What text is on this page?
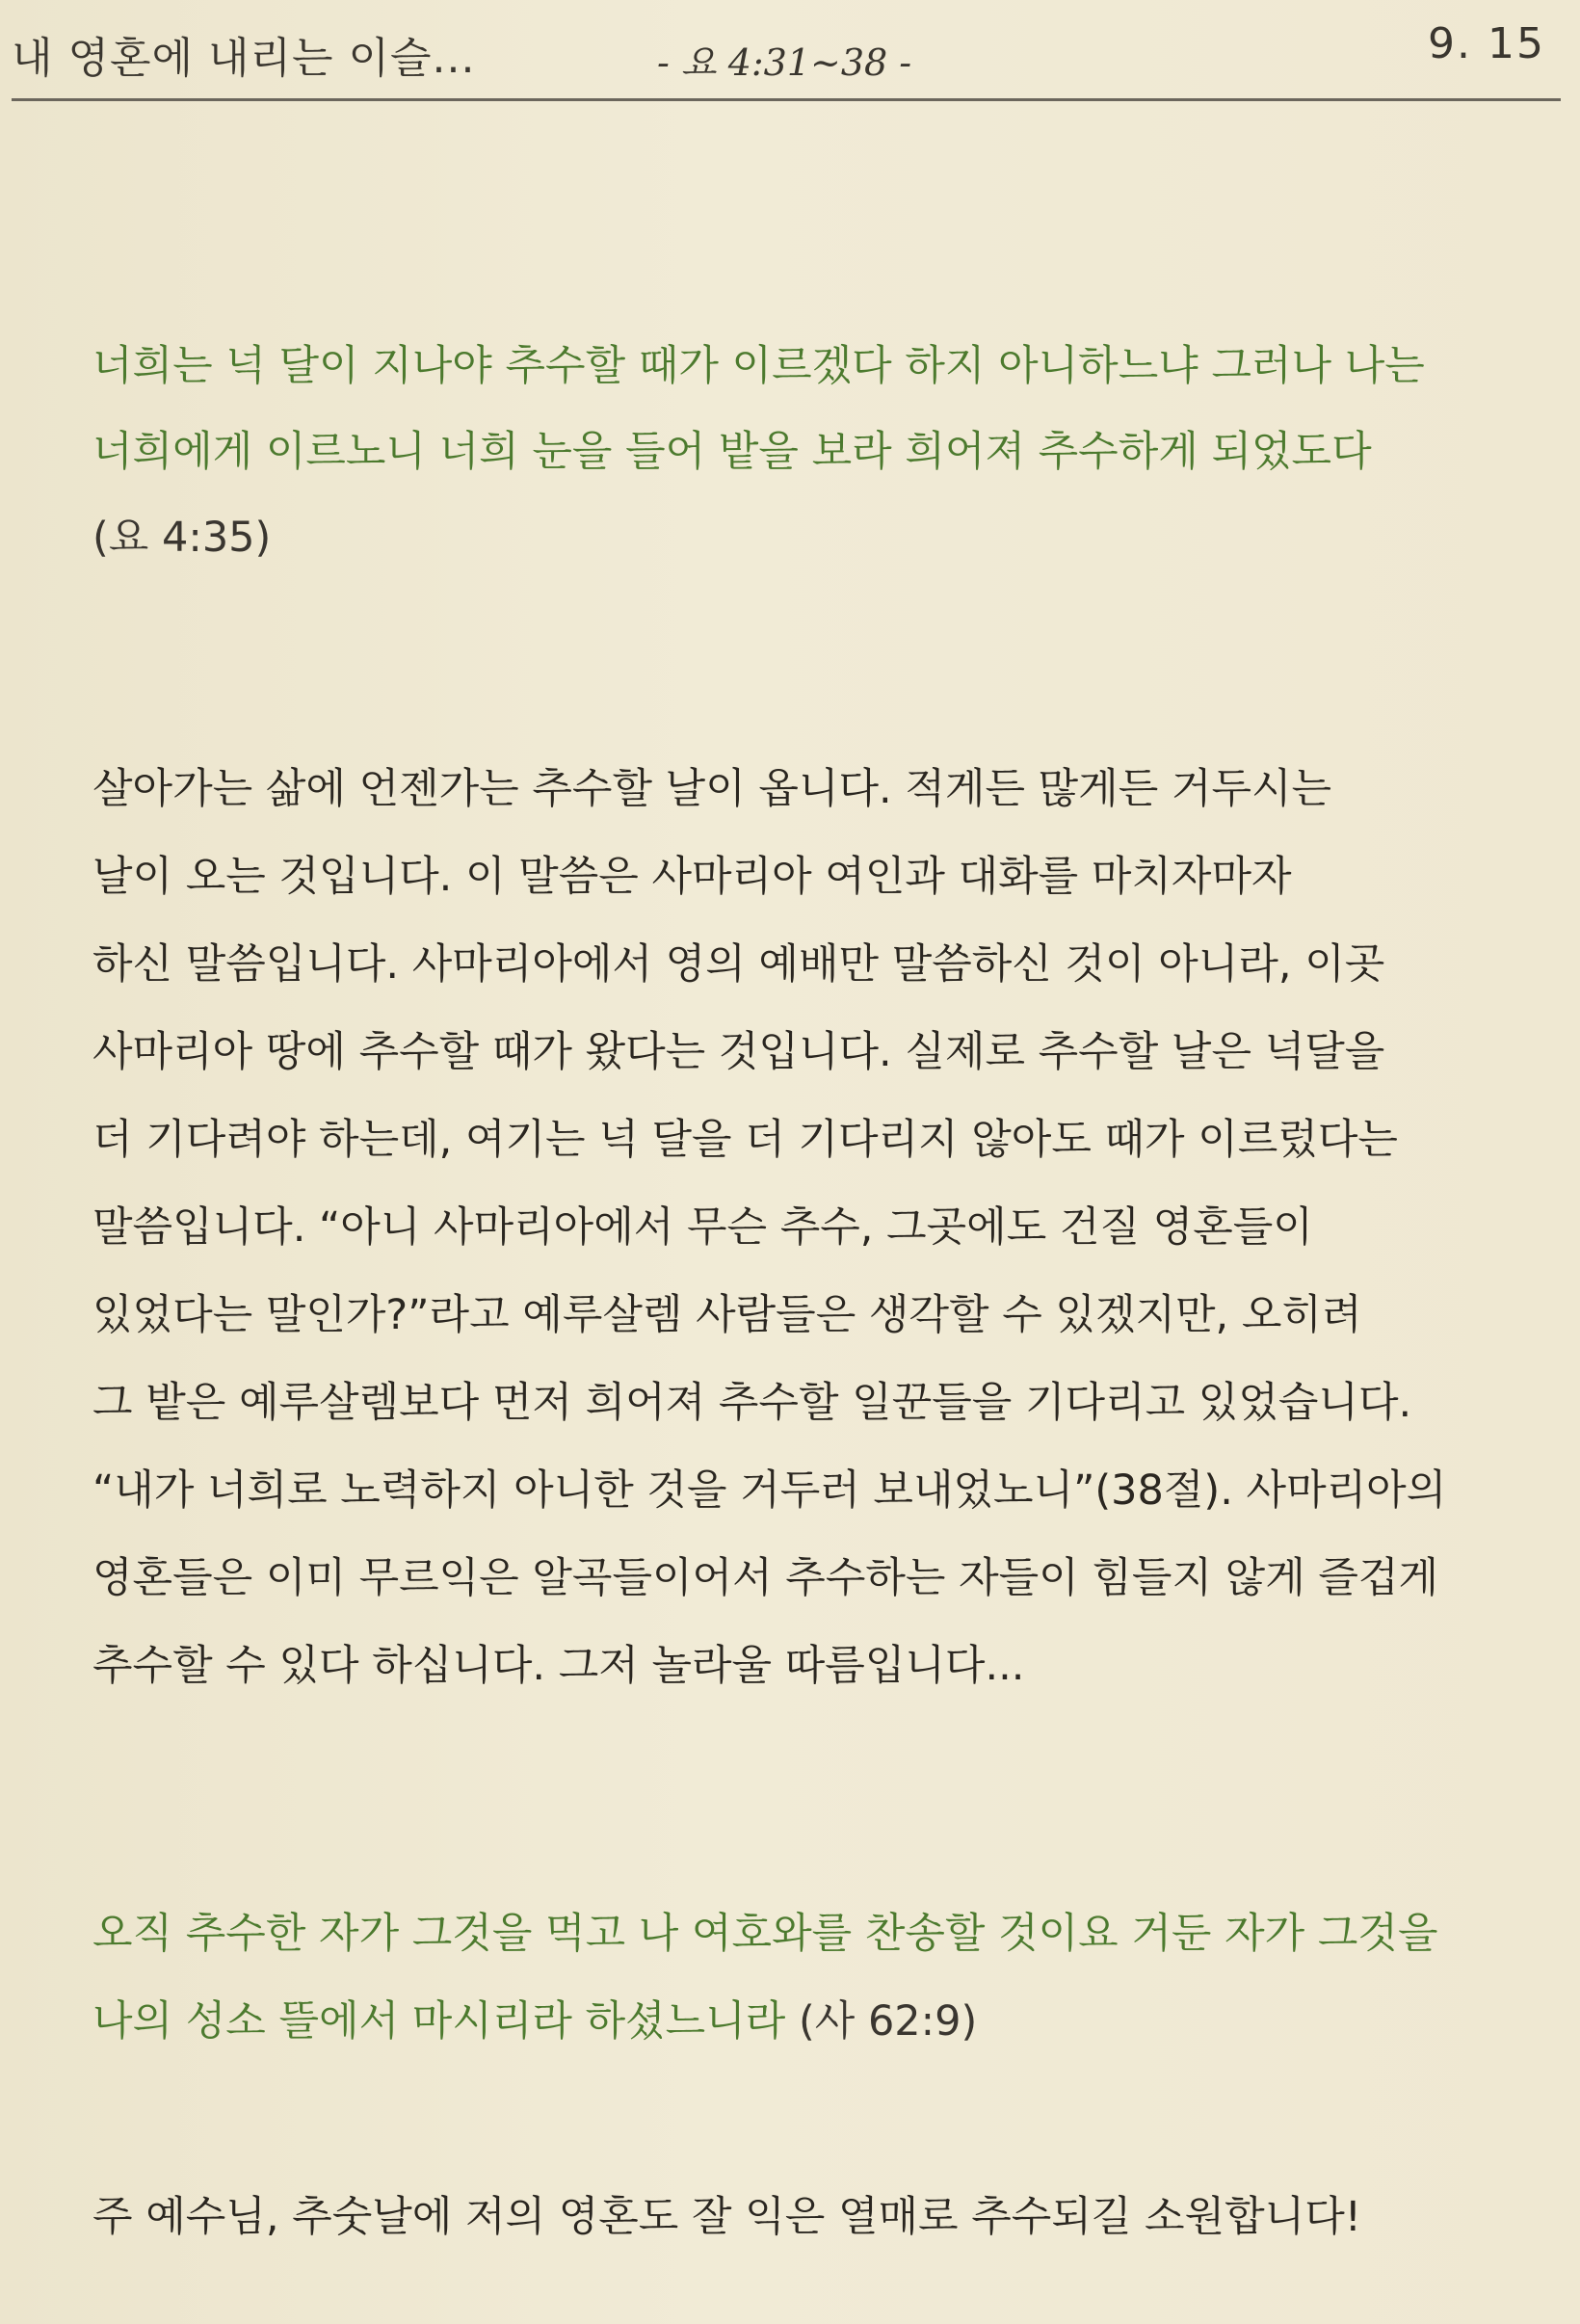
내 영혼에 내리는 이슬...	- 요 4:31~38 -	9. 15
너희는 넉 달이 지나야 추수할 때가 이르겠다 하지 아니하느냐 그러나 나는
너희에게 이르노니 너희 눈을 들어 밭을 보라 희어져 추수하게 되었도다
(요 4:35)
살아가는 삶에 언젠가는 추수할 날이 옵니다. 적게든 많게든 거두시는
날이 오는 것입니다. 이 말씀은 사마리아 여인과 대화를 마치자마자
하신 말씀입니다. 사마리아에서 영의 예배만 말씀하신 것이 아니라, 이곳
사마리아 땅에 추수할 때가 왔다는 것입니다. 실제로 추수할 날은 넉달을
더 기다려야 하는데, 여기는 넉 달을 더 기다리지 않아도 때가 이르렀다는
말씀입니다. “아니 사마리아에서 무슨 추수, 그곳에도 건질 영혼들이
있었다는 말인가?”라고 예루살렘 사람들은 생각할 수 있겠지만, 오히려
그 밭은 예루살렘보다 먼저 희어져 추수할 일꾼들을 기다리고 있었습니다.
“내가 너희로 노력하지 아니한 것을 거두러 보내었노니”(38절). 사마리아의
영혼들은 이미 무르익은 알곡들이어서 추수하는 자들이 힘들지 않게 즐겁게
추수할 수 있다 하십니다. 그저 놀라울 따름입니다...
오직 추수한 자가 그것을 먹고 나 여호와를 찬송할 것이요 거둔 자가 그것을
나의 성소 뜰에서 마시리라 하셨느니라 (사 62:9)
주 예수님, 추숫날에 저의 영혼도 잘 익은 열매로 추수되길 소원합니다!
